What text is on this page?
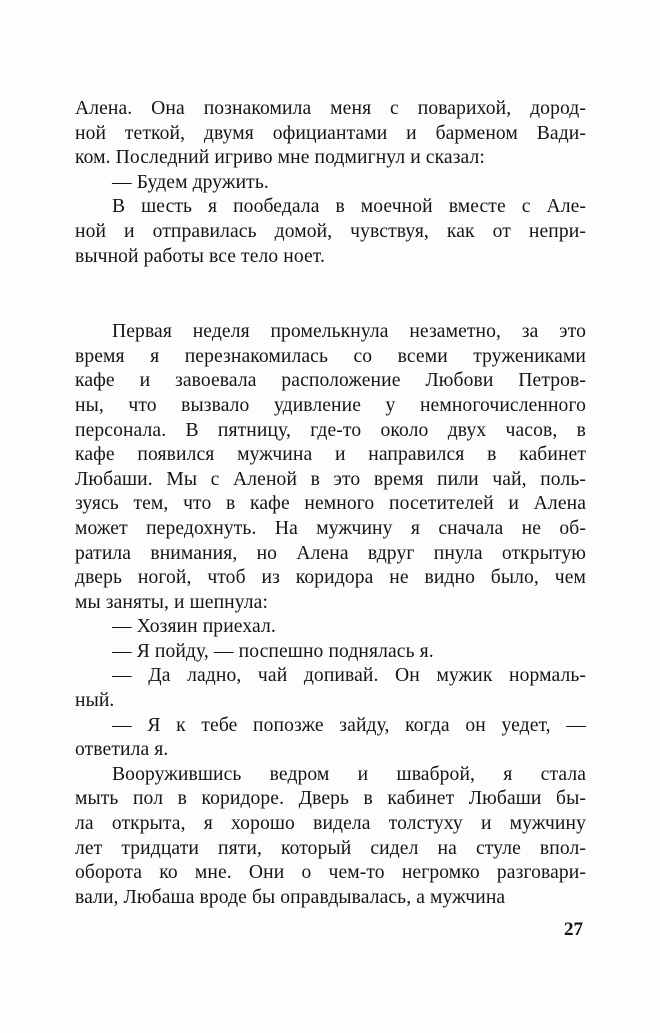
Алена. Она познакомила меня с поварихой, дород-
ной теткой, двумя официантами и барменом Вади-
ком. Последний игриво мне подмигнул и сказал:
— Будем дружить.
В шесть я пообедала в моечной вместе с Але-
ной и отправилась домой, чувствуя, как от непри-
вычной работы все тело ноет.
Первая неделя промелькнула незаметно, за это
время я перезнакомилась со всеми тружениками
кафе и завоевала расположение Любови Петров-
ны, что вызвало удивление у немногочисленного
персонала. В пятницу, где-то около двух часов, в
кафе появился мужчина и направился в кабинет
Любаши. Мы с Аленой в это время пили чай, поль-
зуясь тем, что в кафе немного посетителей и Алена
может передохнуть. На мужчину я сначала не об-
ратила внимания, но Алена вдруг пнула открытую
дверь ногой, чтоб из коридора не видно было, чем
мы заняты, и шепнула:
— Хозяин приехал.
— Я пойду, — поспешно поднялась я.
— Да ладно, чай допивай. Он мужик нормаль-
ный.
— Я к тебе попозже зайду, когда он уедет, —
ответила я.
Вооружившись ведром и шваброй, я стала
мыть пол в коридоре. Дверь в кабинет Любаши бы-
ла открыта, я хорошо видела толстуху и мужчину
лет тридцати пяти, который сидел на стуле впол-
оборота ко мне. Они о чем-то негромко разговари-
вали, Любаша вроде бы оправдывалась, а мужчина
27
